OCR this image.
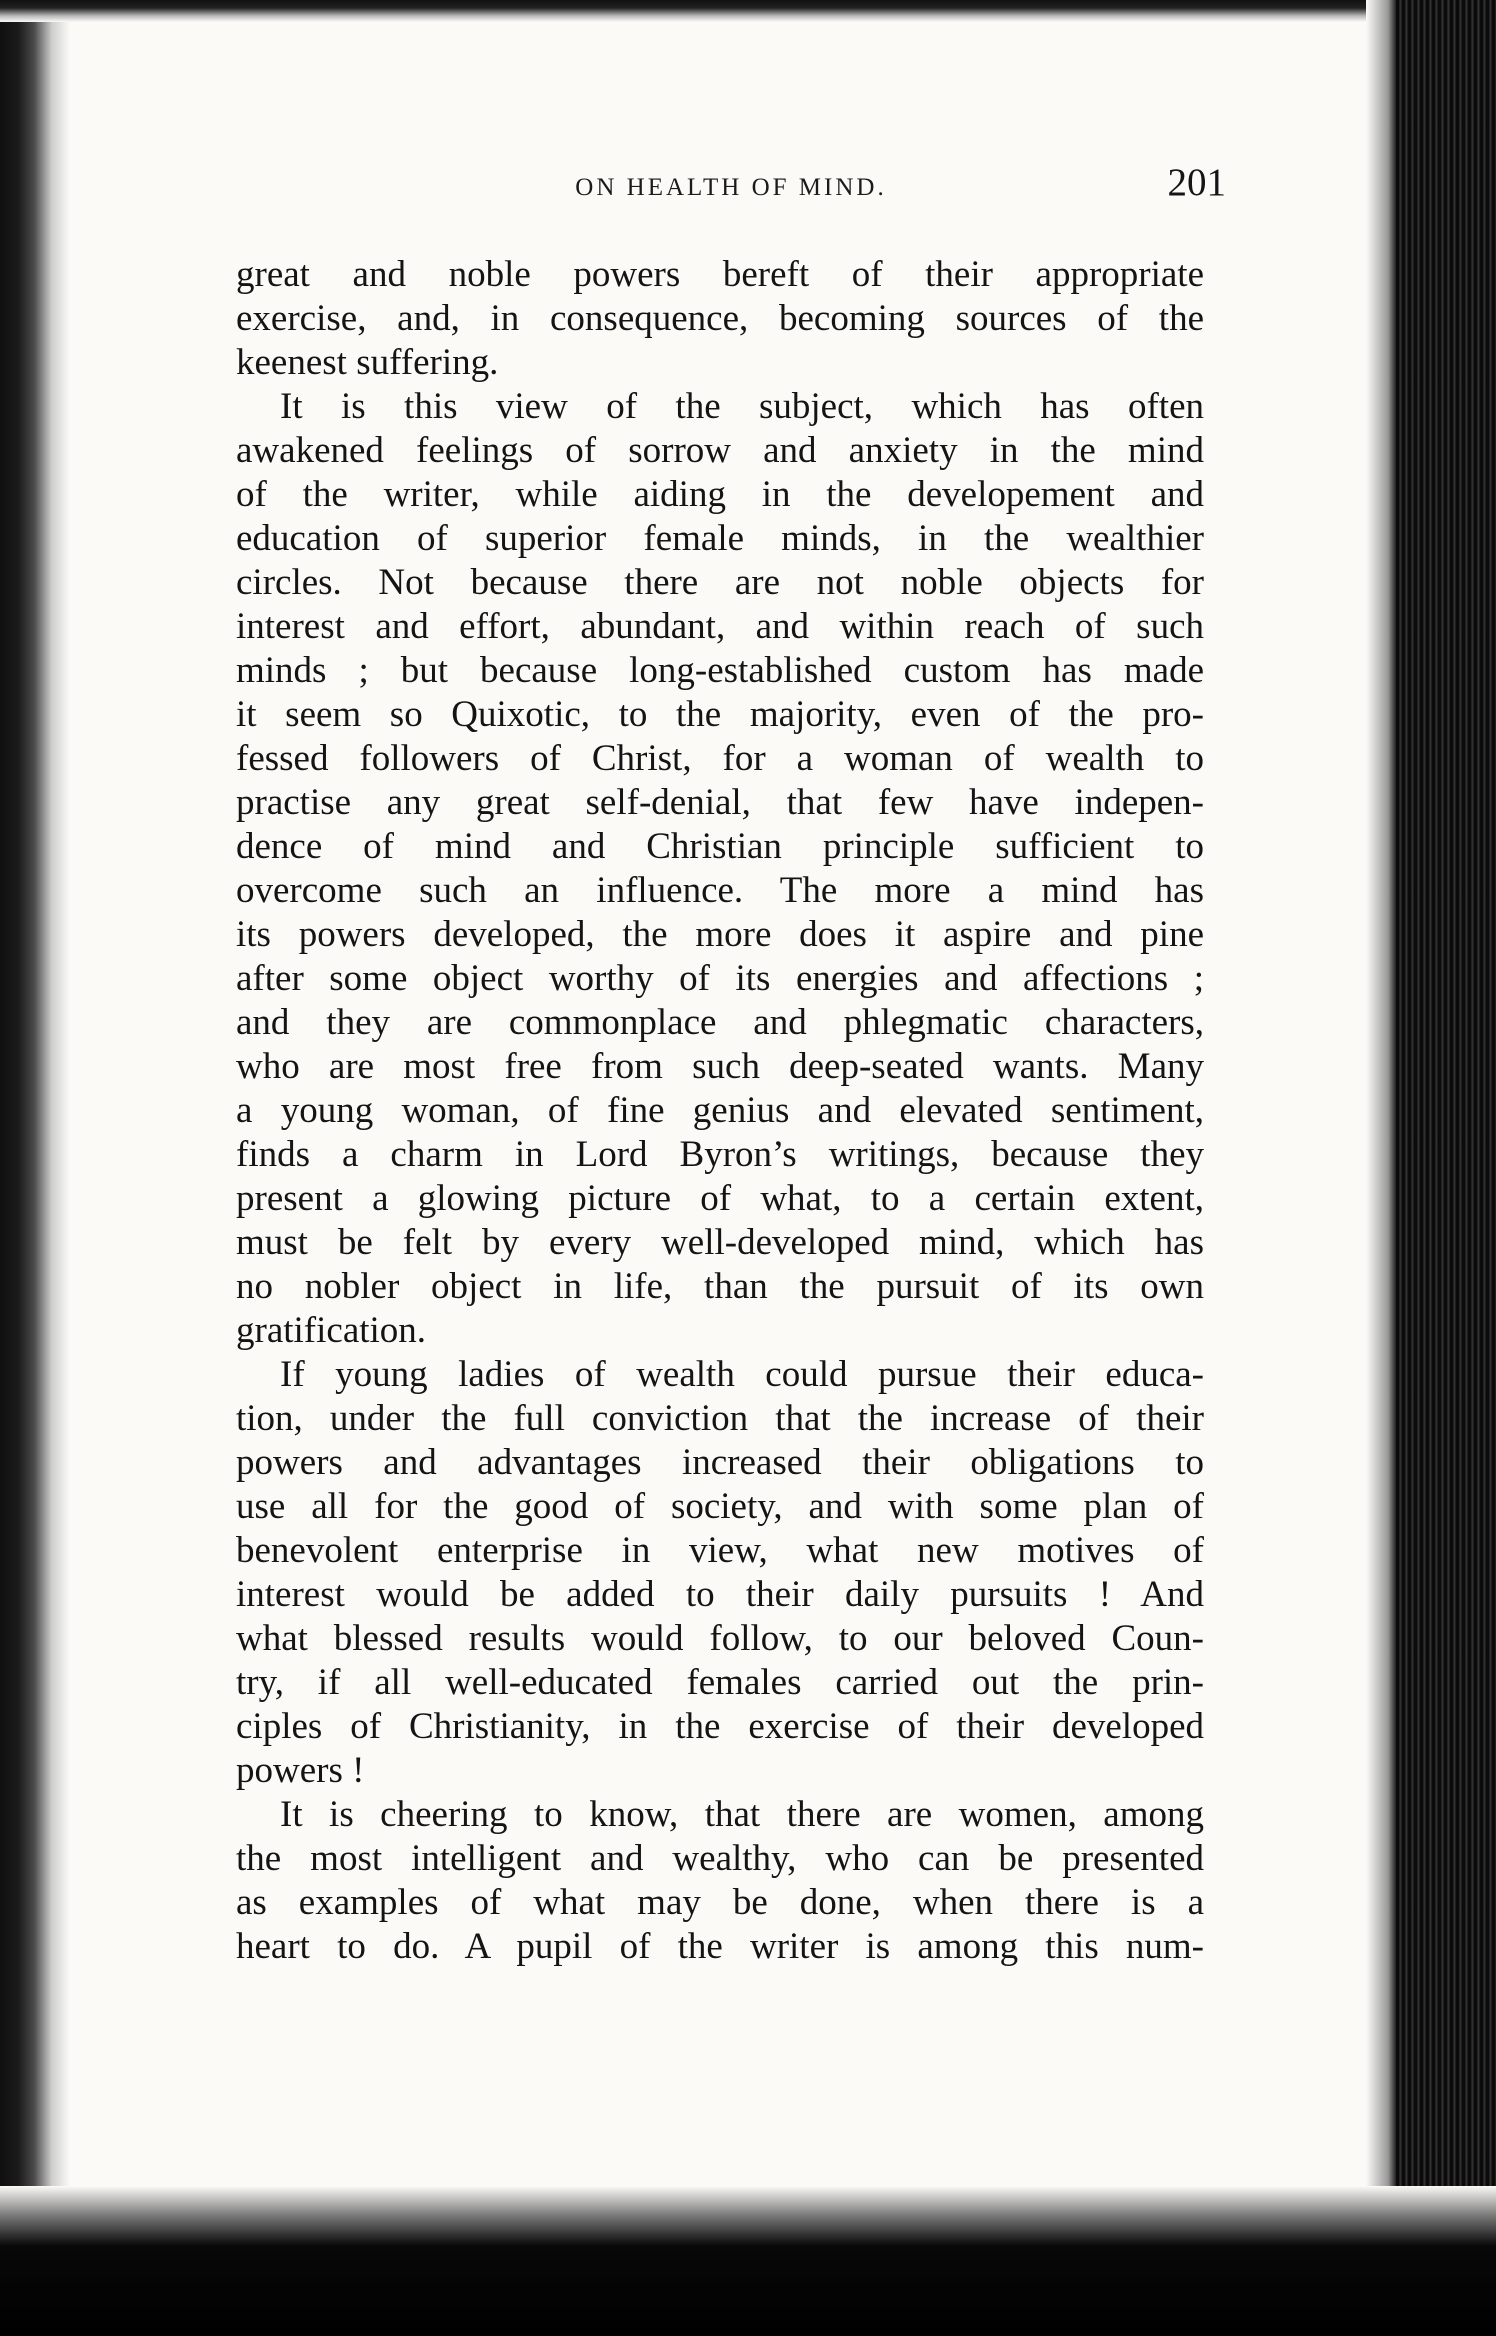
ON HEALTH OF MIND.	201
great and noble powers bereft of their appropriate
exercise, and, in consequence, becoming sources of the
keenest suffering.
It is this view of the subject, which has often
awakened feelings of sorrow and anxiety in the mind
of the writer, while aiding in the developement and
education of superior female minds, in the wealthier
circles. Not because there are not noble objects for
interest and effort, abundant, and within reach of such
minds ; but because long-established custom has made
it seem so Quixotic, to the majority, even of the pro-
fessed followers of Christ, for a woman of wealth to
practise any great self-denial, that few have indepen-
dence of mind and Christian principle sufficient to
overcome such an influence. The more a mind has
its powers developed, the more does it aspire and pine
after some object worthy of its energies and affections ;
and they are commonplace and phlegmatic characters,
who are most free from such deep-seated wants. Many
a young woman, of fine genius and elevated sentiment,
finds a charm in Lord Byron’s writings, because they
present a glowing picture of what, to a certain extent,
must be felt by every well-developed mind, which has
no nobler object in life, than the pursuit of its own
gratification.
If young ladies of wealth could pursue their educa-
tion, under the full conviction that the increase of their
powers and advantages increased their obligations to
use all for the good of society, and with some plan of
benevolent enterprise in view, what new motives of
interest would be added to their daily pursuits ! And
what blessed results would follow, to our beloved Coun-
try, if all well-educated females carried out the prin-
ciples of Christianity, in the exercise of their developed
powers !
It is cheering to know, that there are women, among
the most intelligent and wealthy, who can be presented
as examples of what may be done, when there is a
heart to do. A pupil of the writer is among this num-
